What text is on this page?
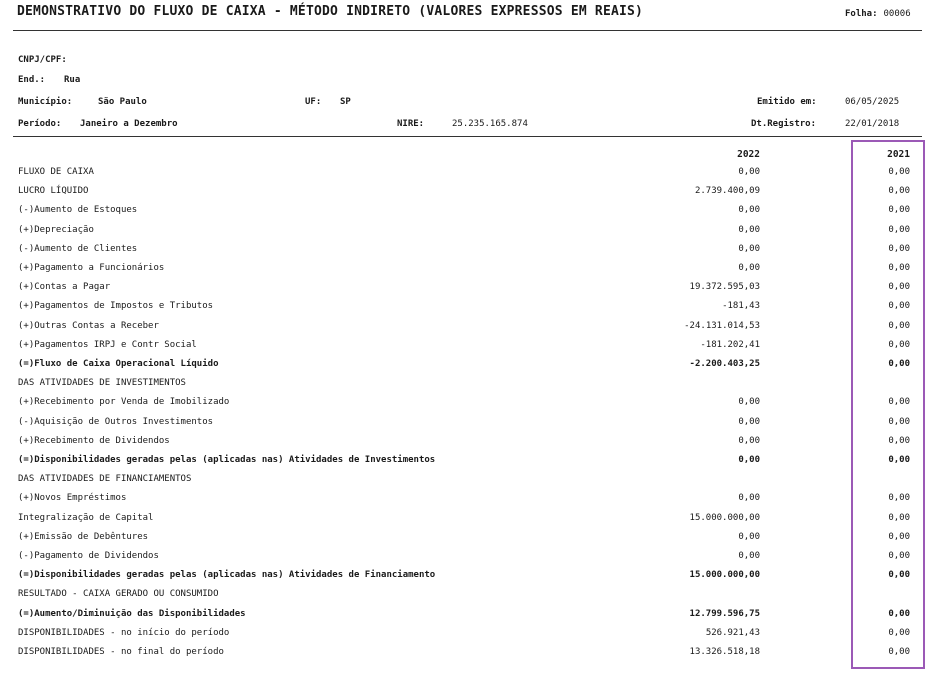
DEMONSTRATIVO DO FLUXO DE CAIXA - MÉTODO INDIRETO (VALORES EXPRESSOS EM REAIS)	Folha: 00006
CNPJ/CPF:
End.: Rua
Município:	São Paulo	UF: SP	Emitido em:	06/05/2025
Período: Janeiro a Dezembro	NIRE:	25.235.165.874	Dt.Registro:	22/01/2018
2022	2021
FLUXO DE CAIXA	0,00	0,00
LUCRO LÍQUIDO	2.739.400,09	0,00
(-)Aumento de Estoques	0,00	0,00
(+)Depreciação	0,00	0,00
(-)Aumento de Clientes	0,00	0,00
(+)Pagamento a Funcionários	0,00	0,00
(+)Contas a Pagar	19.372.595,03	0,00
(+)Pagamentos de Impostos e Tributos	-181,43	0,00
(+)Outras Contas a Receber	-24.131.014,53	0,00
(+)Pagamentos IRPJ e Contr Social	-181.202,41	0,00
(=)Fluxo de Caixa Operacional Líquido	-2.200.403,25	0,00
DAS ATIVIDADES DE INVESTIMENTOS
(+)Recebimento por Venda de Imobilizado	0,00	0,00
(-)Aquisição de Outros Investimentos	0,00	0,00
(+)Recebimento de Dividendos	0,00	0,00
(=)Disponibilidades geradas pelas (aplicadas nas) Atividades de Investimentos	0,00	0,00
DAS ATIVIDADES DE FINANCIAMENTOS
(+)Novos Empréstimos	0,00	0,00
Integralização de Capital	15.000.000,00	0,00
(+)Emissão de Debêntures	0,00	0,00
(-)Pagamento de Dividendos	0,00	0,00
(=)Disponibilidades geradas pelas (aplicadas nas) Atividades de Financiamento	15.000.000,00	0,00
RESULTADO - CAIXA GERADO OU CONSUMIDO
(=)Aumento/Diminuição das Disponibilidades	12.799.596,75	0,00
DISPONIBILIDADES - no início do período	526.921,43	0,00
DISPONIBILIDADES - no final do período	13.326.518,18	0,00
